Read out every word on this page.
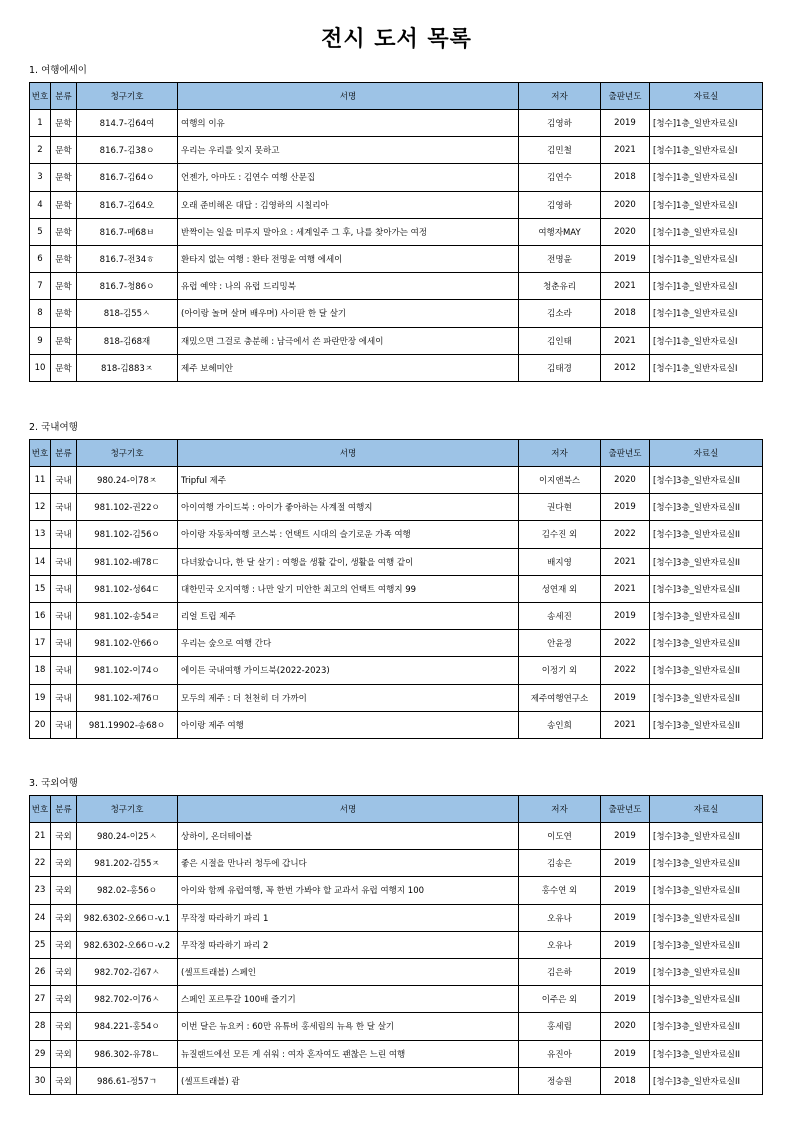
전시 도서 목록
1. 여행에세이
번호	분류	청구기호	서명	저자	출판년도	자료실
1	문학	814.7-김64여	여행의 이유	김영하	2019	[청수]1층_일반자료실I
2	문학	816.7-김38ㅇ	우리는 우리를 잊지 못하고	김민철	2021	[청수]1층_일반자료실I
3	문학	816.7-김64ㅇ	언젠가, 아마도 : 김연수 여행 산문집	김연수	2018	[청수]1층_일반자료실I
4	문학	816.7-김64오	오래 준비해온 대답 : 김영하의 시칠리아	김영하	2020	[청수]1층_일반자료실I
5	문학	816.7-메68ㅂ	반짝이는 일을 미루지 말아요 : 세계일주 그 후, 나를 찾아가는 여정	여행자MAY	2020	[청수]1층_일반자료실I
6	문학	816.7-전34ㅎ	환타지 없는 여행 : 환타 전명윤 여행 에세이	전명윤	2019	[청수]1층_일반자료실I
7	문학	816.7-청86ㅇ	유럽 예약 : 나의 유럽 드리밍북	청춘유리	2021	[청수]1층_일반자료실I
8	문학	818-김55ㅅ	(아이랑 놀며 살며 배우며) 사이판 한 달 살기	김소라	2018	[청수]1층_일반자료실I
9	문학	818-김68재	재밌으면 그걸로 충분해 : 남극에서 쓴 파란만장 에세이	김인태	2021	[청수]1층_일반자료실I
10	문학	818-김883ㅈ	제주 보헤미안	김태경	2012	[청수]1층_일반자료실I
2. 국내여행
번호	분류	청구기호	서명	저자	출판년도	자료실
11	국내	980.24-이78ㅈ	Tripful 제주	이지앤북스	2020	[청수]3층_일반자료실II
12	국내	981.102-권22ㅇ	아이여행 가이드북 : 아이가 좋아하는 사계절 여행지	권다현	2019	[청수]3층_일반자료실II
13	국내	981.102-김56ㅇ	아이랑 자동차여행 코스북 : 언택트 시대의 슬기로운 가족 여행	김수진 외	2022	[청수]3층_일반자료실II
14	국내	981.102-배78ㄷ	다녀왔습니다, 한 달 살기 : 여행을 생활 같이, 생활을 여행 같이	배지영	2021	[청수]3층_일반자료실II
15	국내	981.102-성64ㄷ	대한민국 오지여행 : 나만 알기 미안한 최고의 언택트 여행지 99	성연재 외	2021	[청수]3층_일반자료실II
16	국내	981.102-송54ㄹ	리얼 트립 제주	송세진	2019	[청수]3층_일반자료실II
17	국내	981.102-안66ㅇ	우리는 숲으로 여행 간다	안윤정	2022	[청수]3층_일반자료실II
18	국내	981.102-이74ㅇ	에이든 국내여행 가이드북(2022-2023)	이정기 외	2022	[청수]3층_일반자료실II
19	국내	981.102-제76ㅁ	모두의 제주 : 더 천천히 더 가까이	제주여행연구소	2019	[청수]3층_일반자료실II
20	국내	981.19902-송68ㅇ	아이랑 제주 여행	송인희	2021	[청수]3층_일반자료실II
3. 국외여행
번호	분류	청구기호	서명	저자	출판년도	자료실
21	국외	980.24-이25ㅅ	상하이, 온더테이블	이도연	2019	[청수]3층_일반자료실II
22	국외	981.202-김55ㅈ	좋은 시절을 만나러 청두에 갑니다	김송은	2019	[청수]3층_일반자료실II
23	국외	982.02-홍56ㅇ	아이와 함께 유럽여행, 꼭 한번 가봐야 할 교과서 유럽 여행지 100	홍수연 외	2019	[청수]3층_일반자료실II
24	국외	982.6302-오66ㅁ-v.1	무작정 따라하기 파리 1	오유나	2019	[청수]3층_일반자료실II
25	국외	982.6302-오66ㅁ-v.2	무작정 따라하기 파리 2	오유나	2019	[청수]3층_일반자료실II
26	국외	982.702-김67ㅅ	(셀프트래블) 스페인	김은하	2019	[청수]3층_일반자료실II
27	국외	982.702-이76ㅅ	스페인 포르투갈 100배 즐기기	이주은 외	2019	[청수]3층_일반자료실II
28	국외	984.221-홍54ㅇ	이번 달은 뉴요커 : 60만 유튜버 홍세림의 뉴욕 한 달 살기	홍세림	2020	[청수]3층_일반자료실II
29	국외	986.302-유78ㄴ	뉴질랜드에선 모든 게 쉬워 : 여자 혼자여도 괜찮은 느린 여행	유진아	2019	[청수]3층_일반자료실II
30	국외	986.61-정57ㄱ	(셀프트래블) 괌	정승원	2018	[청수]3층_일반자료실II
